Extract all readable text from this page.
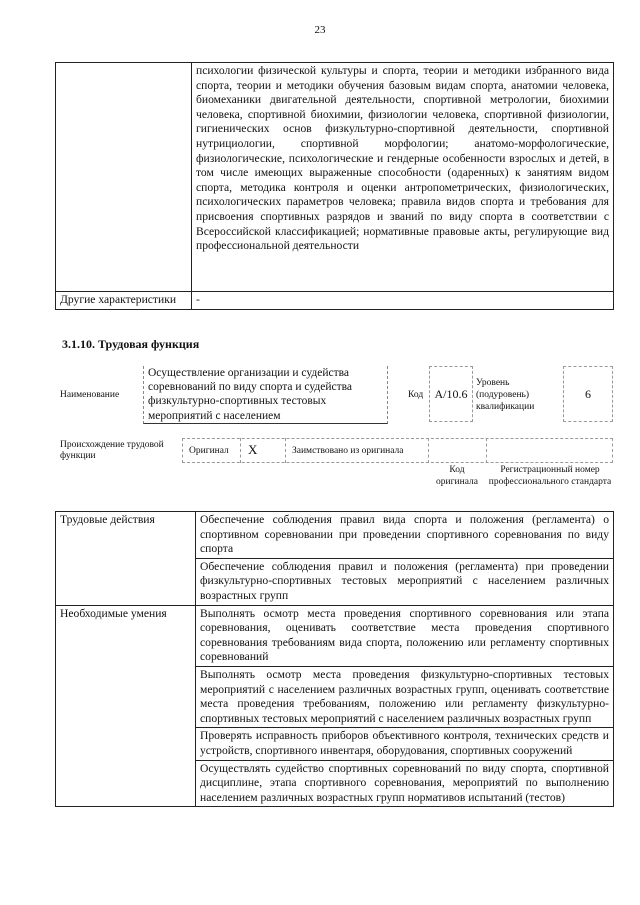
23
	психологии физической культуры и спорта, теории и методики избранного вида спорта, теории и методики обучения базовым видам спорта, анатомии человека, биомеханики двигательной деятельности, спортивной метрологии, биохимии человека, спортивной биохимии, физиологии человека, спортивной физиологии, гигиенических основ физкультурно-спортивной деятельности, спортивной нутрициологии, спортивной морфологии; анатомо-морфологические, физиологические, психологические и гендерные особенности взрослых и детей, в том числе имеющих выраженные способности (одаренных) к занятиям видом спорта, методика контроля и оценки антропометрических, физиологических, психологических параметров человека; правила видов спорта и требования для присвоения спортивных разрядов и званий по виду спорта в соответствии с Всероссийской классификацией; нормативные правовые акты, регулирующие вид профессиональной деятельности
Другие характеристики	-
3.1.10. Трудовая функция
Наименование
Осуществление организации и судейства соревнований по виду спорта и судейства физкультурно-спортивных тестовых мероприятий с населением
Код А/10.6
Уровень (подуровень) квалификации
6
Происхождение трудовой функции	Оригинал Х	Заимствовано из оригинала
Код оригинала
Регистрационный номер профессионального стандарта
Трудовые действия	Обеспечение соблюдения правил вида спорта и положения (регламента) о спортивном соревновании при проведении спортивного соревнования по виду спорта
	Обеспечение соблюдения правил и положения (регламента) при проведении физкультурно-спортивных тестовых мероприятий с населением различных возрастных групп
Необходимые умения	Выполнять осмотр места проведения спортивного соревнования или этапа соревнования, оценивать соответствие места проведения спортивного соревнования требованиям вида спорта, положению или регламенту спортивных соревнований
	Выполнять осмотр места проведения физкультурно-спортивных тестовых мероприятий с населением различных возрастных групп, оценивать соответствие места проведения требованиям, положению или регламенту физкультурно-спортивных тестовых мероприятий с населением различных возрастных групп
	Проверять исправность приборов объективного контроля, технических средств и устройств, спортивного инвентаря, оборудования, спортивных сооружений
	Осуществлять судейство спортивных соревнований по виду спорта, спортивной дисциплине, этапа спортивного соревнования, мероприятий по выполнению населением различных возрастных групп нормативов испытаний (тестов)
